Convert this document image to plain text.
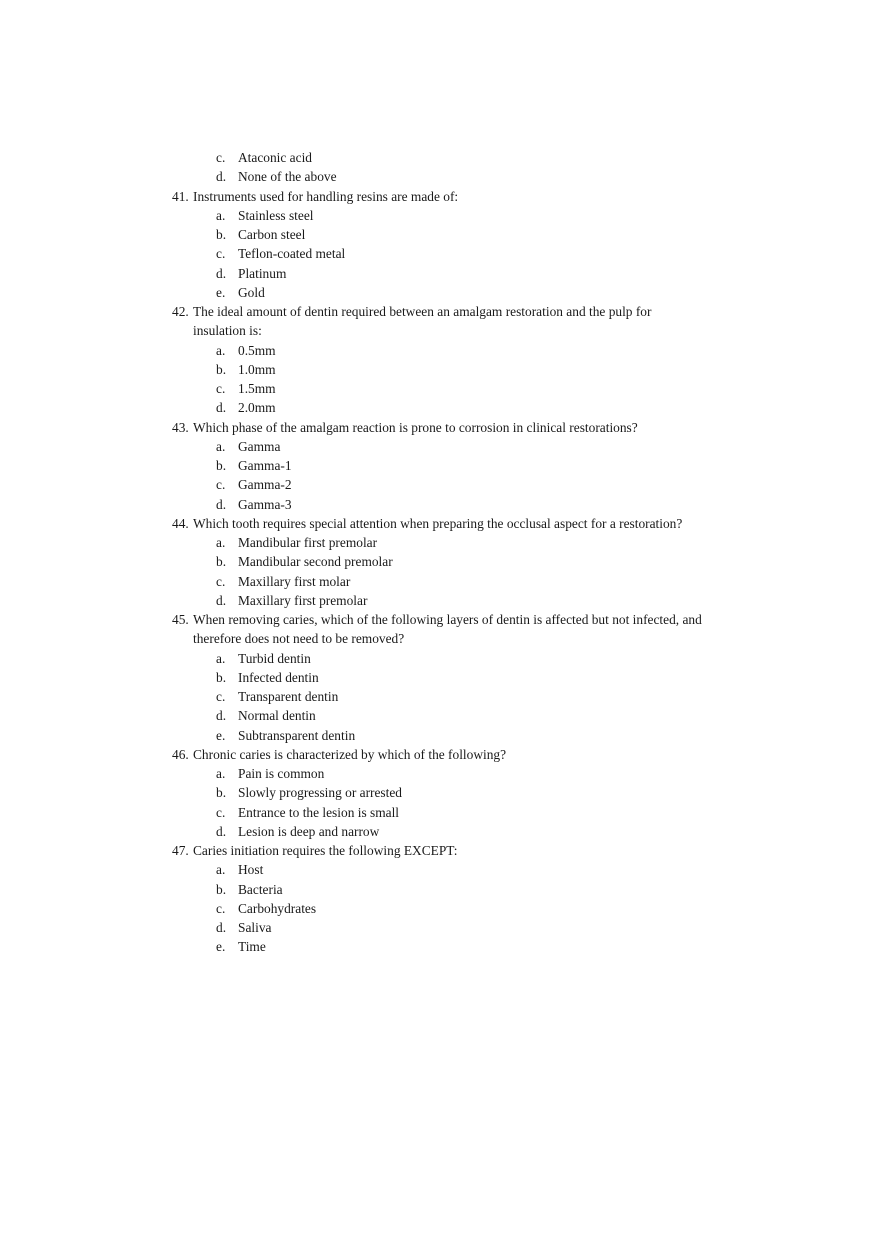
c. Ataconic acid
d. None of the above
41. Instruments used for handling resins are made of:
a. Stainless steel
b. Carbon steel
c. Teflon-coated metal
d. Platinum
e. Gold
42. The ideal amount of dentin required between an amalgam restoration and the pulp for
insulation is:
a. 0.5mm
b. 1.0mm
c. 1.5mm
d. 2.0mm
43. Which phase of the amalgam reaction is prone to corrosion in clinical restorations?
a. Gamma
b. Gamma-1
c. Gamma-2
d. Gamma-3
44. Which tooth requires special attention when preparing the occlusal aspect for a restoration?
a. Mandibular first premolar
b. Mandibular second premolar
c. Maxillary first molar
d. Maxillary first premolar
45. When removing caries, which of the following layers of dentin is affected but not infected, and
therefore does not need to be removed?
a. Turbid dentin
b. Infected dentin
c. Transparent dentin
d. Normal dentin
e. Subtransparent dentin
46. Chronic caries is characterized by which of the following?
a. Pain is common
b. Slowly progressing or arrested
c. Entrance to the lesion is small
d. Lesion is deep and narrow
47. Caries initiation requires the following EXCEPT:
a. Host
b. Bacteria
c. Carbohydrates
d. Saliva
e. Time
